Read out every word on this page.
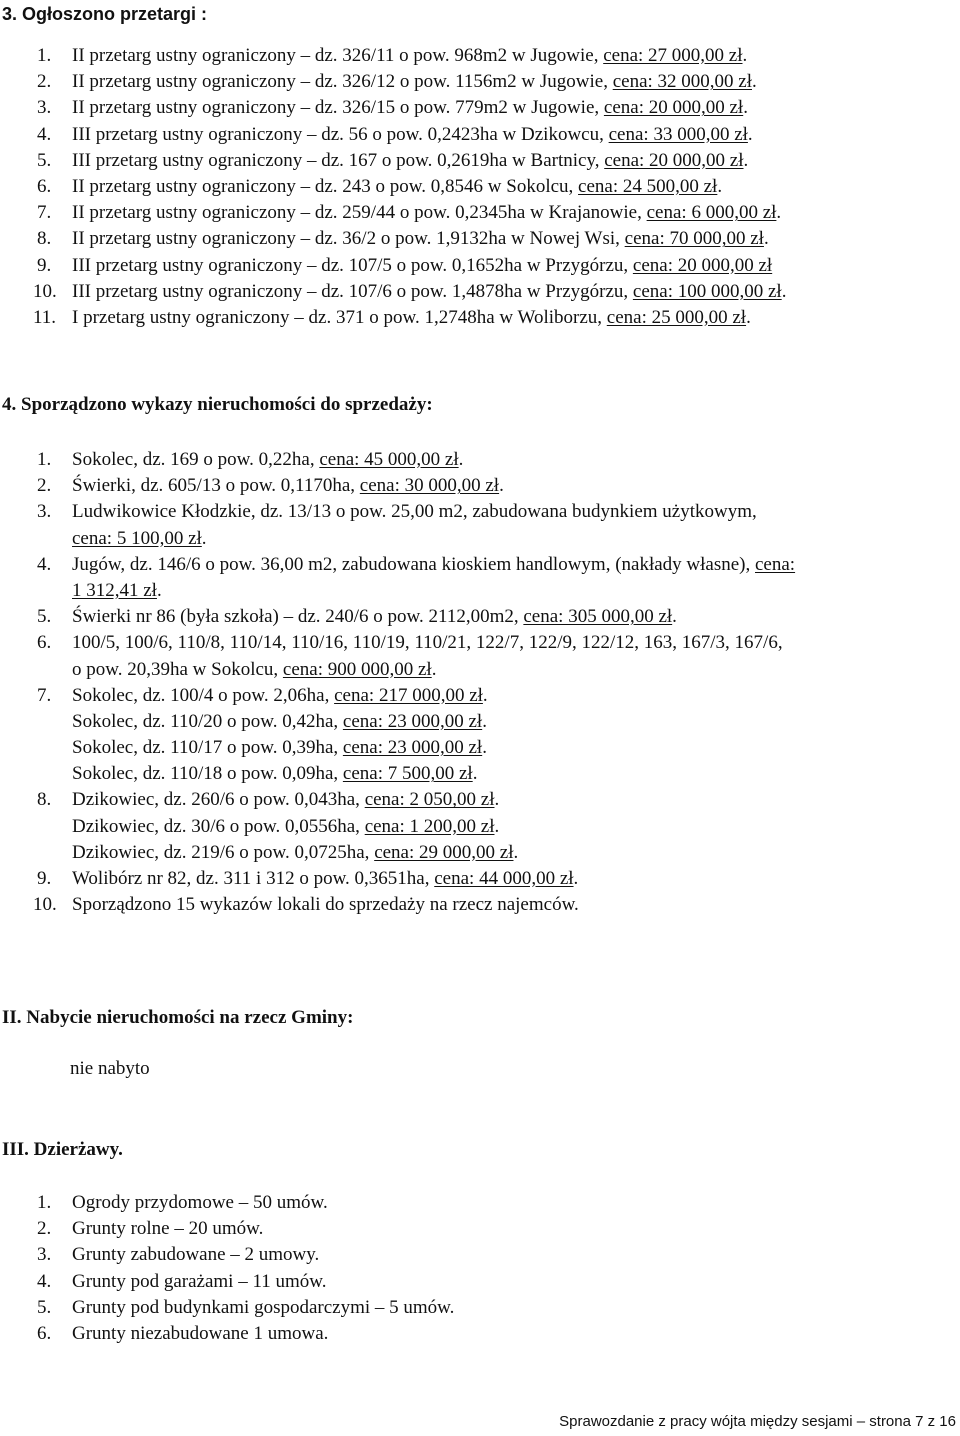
3. Ogłoszono przetargi :
1. II przetarg ustny ograniczony – dz. 326/11 o pow. 968m2 w Jugowie, cena: 27 000,00 zł.
2. II przetarg ustny ograniczony – dz. 326/12 o pow. 1156m2 w Jugowie, cena: 32 000,00 zł.
3. II przetarg ustny ograniczony – dz. 326/15 o pow. 779m2 w Jugowie, cena: 20 000,00 zł.
4. III przetarg ustny ograniczony – dz. 56 o pow. 0,2423ha w Dzikowcu, cena: 33 000,00 zł.
5. III przetarg ustny ograniczony – dz. 167 o pow. 0,2619ha w Bartnicy, cena: 20 000,00 zł.
6. II przetarg ustny ograniczony – dz. 243 o pow. 0,8546 w Sokolcu, cena: 24 500,00 zł.
7. II przetarg ustny ograniczony – dz. 259/44 o pow. 0,2345ha w Krajanowie, cena: 6 000,00 zł.
8. II przetarg ustny ograniczony – dz. 36/2 o pow. 1,9132ha w Nowej Wsi, cena: 70 000,00 zł.
9. III przetarg ustny ograniczony – dz. 107/5 o pow. 0,1652ha w Przygórzu, cena: 20 000,00 zł
10. III przetarg ustny ograniczony – dz. 107/6 o pow. 1,4878ha w Przygórzu, cena: 100 000,00 zł.
11. I przetarg ustny ograniczony – dz. 371 o pow. 1,2748ha w Woliborzu, cena: 25 000,00 zł.
4. Sporządzono wykazy nieruchomości do sprzedaży:
1. Sokolec, dz. 169 o pow. 0,22ha, cena: 45 000,00 zł.
2. Świerki, dz. 605/13 o pow. 0,1170ha, cena: 30 000,00 zł.
3. Ludwikowice Kłodzkie, dz. 13/13 o pow. 25,00 m2, zabudowana budynkiem użytkowym,
cena: 5 100,00 zł.
4. Jugów, dz. 146/6 o pow. 36,00 m2, zabudowana kioskiem handlowym, (nakłady własne), cena:
1 312,41 zł.
5. Świerki nr 86 (była szkoła) – dz. 240/6 o pow. 2112,00m2, cena: 305 000,00 zł.
6. 100/5, 100/6, 110/8, 110/14, 110/16, 110/19, 110/21, 122/7, 122/9, 122/12, 163, 167/3, 167/6,
o pow. 20,39ha w Sokolcu, cena: 900 000,00 zł.
7. Sokolec, dz. 100/4 o pow. 2,06ha, cena: 217 000,00 zł.
Sokolec, dz. 110/20 o pow. 0,42ha, cena: 23 000,00 zł.
Sokolec, dz. 110/17 o pow. 0,39ha, cena: 23 000,00 zł.
Sokolec, dz. 110/18 o pow. 0,09ha, cena: 7 500,00 zł.
8. Dzikowiec, dz. 260/6 o pow. 0,043ha, cena: 2 050,00 zł.
Dzikowiec, dz. 30/6 o pow. 0,0556ha, cena: 1 200,00 zł.
Dzikowiec, dz. 219/6 o pow. 0,0725ha, cena: 29 000,00 zł.
9. Wolibórz nr 82, dz. 311 i 312 o pow. 0,3651ha, cena: 44 000,00 zł.
10. Sporządzono 15 wykazów lokali do sprzedaży na rzecz najemców.
II. Nabycie nieruchomości na rzecz Gminy:
nie nabyto
III. Dzierżawy.
1. Ogrody przydomowe – 50 umów.
2. Grunty rolne – 20 umów.
3. Grunty zabudowane – 2 umowy.
4. Grunty pod garażami – 11 umów.
5. Grunty pod budynkami gospodarczymi – 5 umów.
6. Grunty niezabudowane 1 umowa.
Sprawozdanie z pracy wójta między sesjami – strona 7 z 16
